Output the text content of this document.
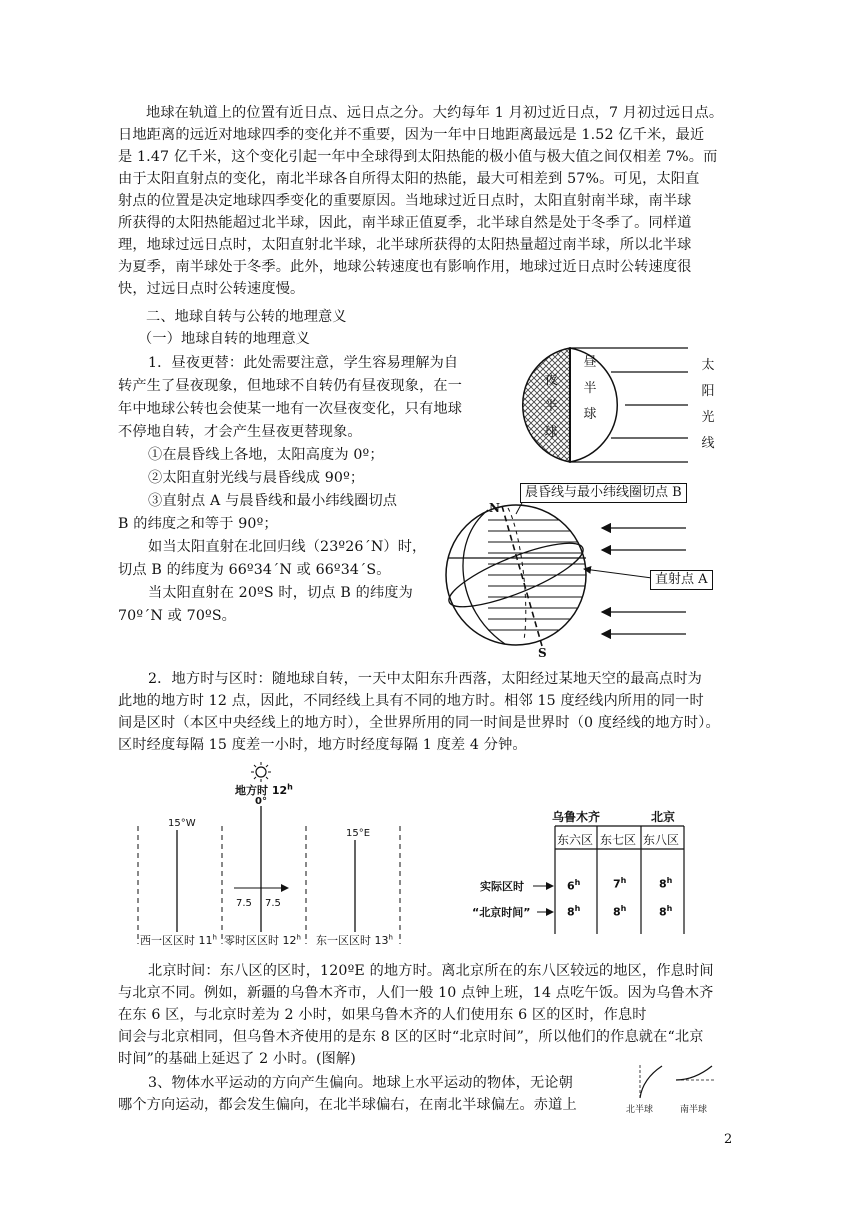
地球在轨道上的位置有近日点、远日点之分。大约每年 1 月初过近日点，7 月初过远日点。
日地距离的远近对地球四季的变化并不重要，因为一年中日地距离最远是 1.52 亿千米，最近
是 1.47 亿千米，这个变化引起一年中全球得到太阳热能的极小值与极大值之间仅相差 7%。而
由于太阳直射点的变化，南北半球各自所得太阳的热能，最大可相差到 57%。可见，太阳直
射点的位置是决定地球四季变化的重要原因。当地球过近日点时，太阳直射南半球，南半球
所获得的太阳热能超过北半球，因此，南半球正值夏季，北半球自然是处于冬季了。同样道
理，地球过远日点时，太阳直射北半球，北半球所获得的太阳热量超过南半球，所以北半球
为夏季，南半球处于冬季。此外，地球公转速度也有影响作用，地球过近日点时公转速度很
快，过远日点时公转速度慢。
二、地球自转与公转的地理意义
（一）地球自转的地理意义
1．昼夜更替：此处需要注意，学生容易理解为自
转产生了昼夜现象，但地球不自转仍有昼夜现象，在一
年中地球公转也会使某一地有一次昼夜变化，只有地球
不停地自转，才会产生昼夜更替现象。
①在晨昏线上各地，太阳高度为 0º；
②太阳直射光线与晨昏线成 90º；
③直射点 A 与晨昏线和最小纬线圈切点
B 的纬度之和等于 90º；
如当太阳直射在北回归线（23º26´N）时，
切点 B 的纬度为 66º34´N 或 66º34´S。
当太阳直射在 20ºS 时，切点 B 的纬度为
70º´N 或 70ºS。
2．地方时与区时：随地球自转，一天中太阳东升西落，太阳经过某地天空的最高点时为
此地的地方时 12 点，因此，不同经线上具有不同的地方时。相邻 15 度经线内所用的同一时
间是区时（本区中央经线上的地方时），全世界所用的同一时间是世界时（0 度经线的地方时）。
区时经度每隔 15 度差一小时，地方时经度每隔 1 度差 4 分钟。
北京时间：东八区的区时，120ºE 的地方时。离北京所在的东八区较远的地区，作息时间
与北京不同。例如，新疆的乌鲁木齐市，人们一般 10 点钟上班，14 点吃午饭。因为乌鲁木齐
在东 6 区，与北京时差为 2 小时，如果乌鲁木齐的人们使用东 6 区的区时，作息时
间会与北京相同，但乌鲁木齐使用的是东 8 区的区时“北京时间”，所以他们的作息就在“北京
时间”的基础上延迟了 2 小时。(图解)
3、物体水平运动的方向产生偏向。地球上水平运动的物体，无论朝
哪个方向运动，都会发生偏向，在北半球偏右，在南北半球偏左。赤道上
2
夜
半
球
昼
半
球
太
阳
光
线
晨昏线与最小纬线圈切点 B
直射点 A
N
S
地方时 12$^h$
0°
15°W
15°E
7.5 7.5
西一区区时 11$^h$ 零时区区时 12$^h$ 东一区区时 13$^h$
乌鲁木齐	北京
东六区 东七区 东八区
实际区时
“北京时间”
6$^h$	7$^h$	8$^h$
8$^h$	8$^h$	8$^h$
北半球	南半球
